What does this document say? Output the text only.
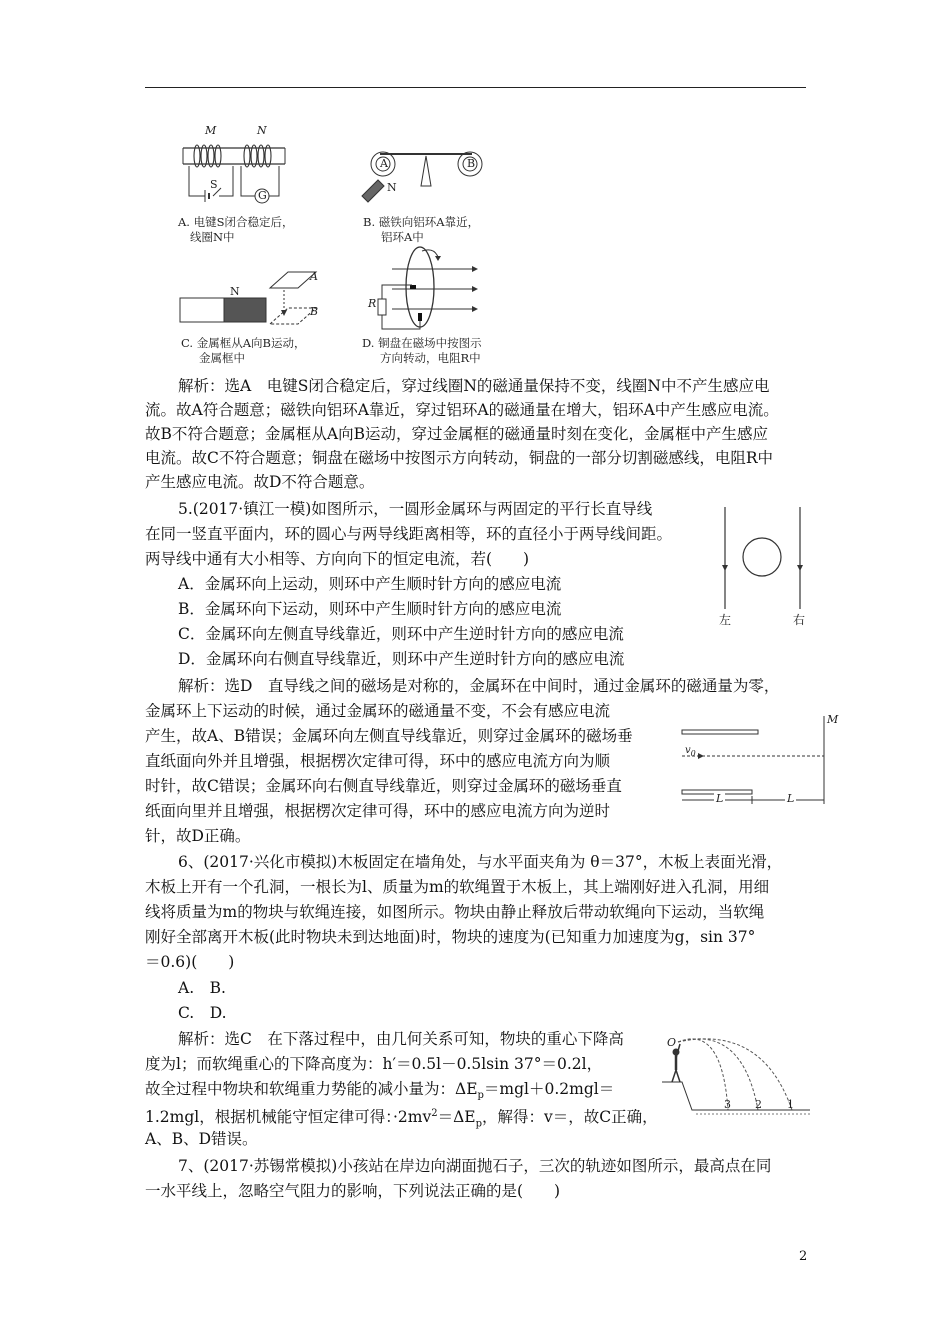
M	N
S
G
A. 电键S闭合稳定后，
线圈N中
A	B
N
B. 磁铁向铝环A靠近，
铝环A中
N
A
B
C. 金属框从A向B运动，
金属框中
R
D. 铜盘在磁场中按图示
方向转动，电阻R中
解析：选A　电键S闭合稳定后，穿过线圈N的磁通量保持不变，线圈N中不产生感应电
流。故A符合题意；磁铁向铝环A靠近，穿过铝环A的磁通量在增大，铝环A中产生感应电流。
故B不符合题意；金属框从A向B运动，穿过金属框的磁通量时刻在变化，金属框中产生感应
电流。故C不符合题意；铜盘在磁场中按图示方向转动，铜盘的一部分切割磁感线，电阻R中
产生感应电流。故D不符合题意。
5.(2017·镇江一模)如图所示，一圆形金属环与两固定的平行长直导线
在同一竖直平面内，环的圆心与两导线距离相等，环的直径小于两导线间距。
两导线中通有大小相等、方向向下的恒定电流，若(　　)
A．金属环向上运动，则环中产生顺时针方向的感应电流
B．金属环向下运动，则环中产生顺时针方向的感应电流
C．金属环向左侧直导线靠近，则环中产生逆时针方向的感应电流
D．金属环向右侧直导线靠近，则环中产生逆时针方向的感应电流
左	右
解析：选D　直导线之间的磁场是对称的，金属环在中间时，通过金属环的磁通量为零，
金属环上下运动的时候，通过金属环的磁通量不变，不会有感应电流
产生，故A、B错误；金属环向左侧直导线靠近，则穿过金属环的磁场垂
直纸面向外并且增强，根据楞次定律可得，环中的感应电流方向为顺
时针，故C错误；金属环向右侧直导线靠近，则穿过金属环的磁场垂直
纸面向里并且增强，根据楞次定律可得，环中的感应电流方向为逆时
针，故D正确。
M
$v_0$
L	L
6、(2017·兴化市模拟)木板固定在墙角处，与水平面夹角为 θ＝37°，木板上表面光滑，
木板上开有一个孔洞，一根长为l、质量为m的软绳置于木板上，其上端刚好进入孔洞，用细
线将质量为m的物块与软绳连接，如图所示。物块由静止释放后带动软绳向下运动，当软绳
刚好全部离开木板(此时物块未到达地面)时，物块的速度为(已知重力加速度为g，sin 37°
＝0.6)(　　)
A.　B.
C.　D.
解析：选C　在下落过程中，由几何关系可知，物块的重心下降高
度为l；而软绳重心的下降高度为：h′＝0.5l－0.5lsin 37°＝0.2l，
故全过程中物块和软绳重力势能的减小量为：$\Delta E_p=mgl+0.2mgl=$
1.2mgl，根据机械能守恒定律可得：$\cdot 2mv^2=\Delta E_p$，解得：v＝，故C正确，
A、B、D错误。
O
3 2 1
7、(2017·苏锡常模拟)小孩站在岸边向湖面抛石子，三次的轨迹如图所示，最高点在同
一水平线上，忽略空气阻力的影响，下列说法正确的是(　　)
2
